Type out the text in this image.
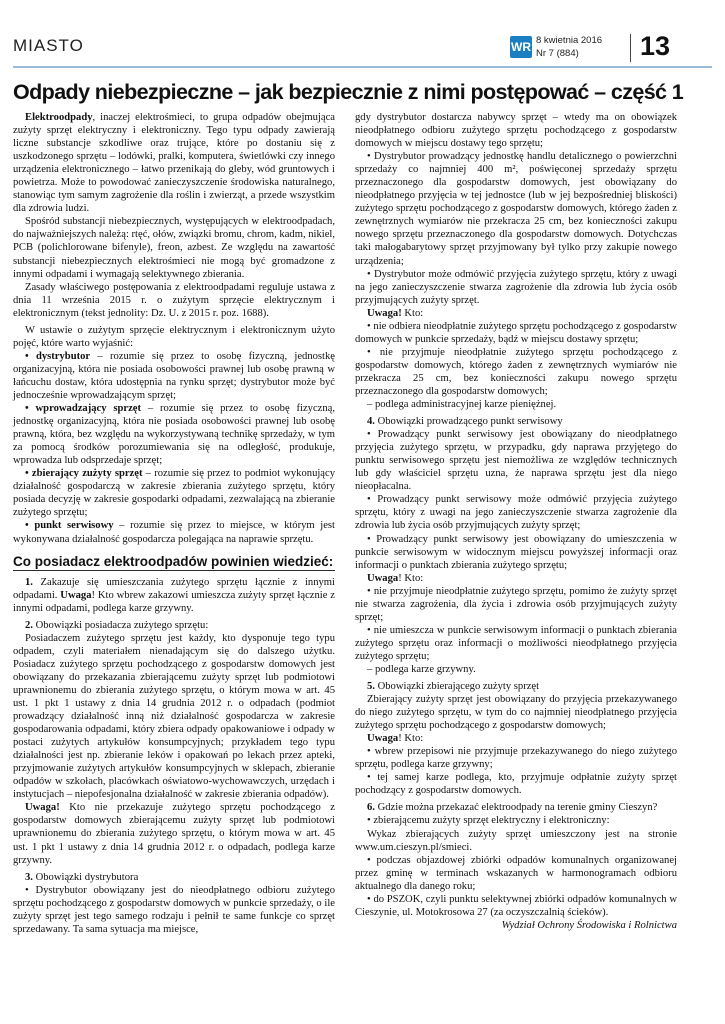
MIASTO	WR 8 kwietnia 2016
Nr 7 (884) 13
Odpady niebezpieczne – jak bezpiecznie z nimi postępować – część 1

Elektroodpady, inaczej elektrośmieci, to grupa odpadów obejmująca zużyty sprzęt elektryczny i elektroniczny. Tego typu odpady zawierają liczne substancje szkodliwe oraz trujące, które po dostaniu się z uszkodzonego sprzętu – lodówki, pralki, komputera, świetlówki czy innego urządzenia elektronicznego – łatwo przenikają do gleby, wód gruntowych i powietrza. Może to powodować zanieczyszczenie środowiska naturalnego, stanowiąc tym samym zagrożenie dla roślin i zwierząt, a przede wszystkim dla zdrowia ludzi.

Spośród substancji niebezpiecznych, występujących w elektroodpadach, do najważniejszych należą: rtęć, ołów, związki bromu, chrom, kadm, nikiel, PCB (polichlorowane bifenyle), freon, azbest. Ze względu na zawartość substancji niebezpiecznych elektrośmieci nie mogą być gromadzone z innymi odpadami i wymagają selektywnego zbierania.

Zasady właściwego postępowania z elektroodpadami reguluje ustawa z dnia 11 września 2015 r. o zużytym sprzęcie elektrycznym i elektronicznym (tekst jednolity: Dz. U. z 2015 r. poz. 1688).

W ustawie o zużytym sprzęcie elektrycznym i elektronicznym użyto pojęć, które warto wyjaśnić:

• dystrybutor – rozumie się przez to osobę fizyczną, jednostkę organizacyjną, która nie posiada osobowości prawnej lub osobę prawną w łańcuchu dostaw, która udostępnia na rynku sprzęt; dystrybutor może być jednocześnie wprowadzającym sprzęt;

• wprowadzający sprzęt – rozumie się przez to osobę fizyczną, jednostkę organizacyjną, która nie posiada osobowości prawnej lub osobę prawną, która, bez względu na wykorzystywaną technikę sprzedaży, w tym za pomocą środków porozumiewania się na odległość, produkuje, wprowadza lub odsprzedaje sprzęt;

• zbierający zużyty sprzęt – rozumie się przez to podmiot wykonujący działalność gospodarczą w zakresie zbierania zużytego sprzętu, który posiada decyzję w zakresie gospodarki odpadami, zezwalającą na zbieranie zużytego sprzętu;

• punkt serwisowy – rozumie się przez to miejsce, w którym jest wykonywana działalność gospodarcza polegająca na naprawie sprzętu.

Co posiadacz elektroodpadów powinien wiedzieć:

1. Zakazuje się umieszczania zużytego sprzętu łącznie z innymi odpadami. Uwaga! Kto wbrew zakazowi umieszcza zużyty sprzęt łącznie z innymi odpadami, podlega karze grzywny.

2. Obowiązki posiadacza zużytego sprzętu:

Posiadaczem zużytego sprzętu jest każdy, kto dysponuje tego typu odpadem, czyli materiałem nienadającym się do dalszego użytku. Posiadacz zużytego sprzętu pochodzącego z gospodarstw domowych jest obowiązany do przekazania zbierającemu zużyty sprzęt lub podmiotowi uprawnionemu do zbierania zużytego sprzętu, o którym mowa w art. 45 ust. 1 pkt 1 ustawy z dnia 14 grudnia 2012 r. o odpadach (podmiot prowadzący działalność inną niż działalność gospodarcza w zakresie gospodarowania odpadami, który zbiera odpady opakowaniowe i odpady w postaci zużytych artykułów konsumpcyjnych; przykładem tego typu działalności jest np. zbieranie leków i opakowań po lekach przez apteki, przyjmowanie zużytych artykułów konsumpcyjnych w sklepach, zbieranie odpadów w szkołach, placówkach oświatowo-wychowawczych, urzędach i instytucjach – niepofesjonalna działalność w zakresie zbierania odpadów).

Uwaga! Kto nie przekazuje zużytego sprzętu pochodzącego z gospodarstw domowych zbierającemu zużyty sprzęt lub podmiotowi uprawnionemu do zbierania zużytego sprzętu, o którym mowa w art. 45 ust. 1 pkt 1 ustawy z dnia 14 grudnia 2012 r. o odpadach, podlega karze grzywny.

3. Obowiązki dystrybutora

• Dystrybutor obowiązany jest do nieodpłatnego odbioru zużytego sprzętu pochodzącego z gospodarstw domowych w punkcie sprzedaży, o ile zużyty sprzęt jest tego samego rodzaju i pełnił te same funkcje co sprzęt sprzedawany. Ta sama sytuacja ma miejsce,

gdy dystrybutor dostarcza nabywcy sprzęt – wtedy ma on obowiązek nieodpłatnego odbioru zużytego sprzętu pochodzącego z gospodarstw domowych w miejscu dostawy tego sprzętu;

• Dystrybutor prowadzący jednostkę handlu detalicznego o powierzchni sprzedaży co najmniej 400 m², poświęconej sprzedaży sprzętu przeznaczonego dla gospodarstw domowych, jest obowiązany do nieodpłatnego przyjęcia w tej jednostce (lub w jej bezpośredniej bliskości) zużytego sprzętu pochodzącego z gospodarstw domowych, którego żaden z zewnętrznych wymiarów nie przekracza 25 cm, bez konieczności zakupu nowego sprzętu przeznaczonego dla gospodarstw domowych. Dotychczas taki małogabarytowy sprzęt przyjmowany był tylko przy zakupie nowego urządzenia;

• Dystrybutor może odmówić przyjęcia zużytego sprzętu, który z uwagi na jego zanieczyszczenie stwarza zagrożenie dla zdrowia lub życia osób przyjmujących zużyty sprzęt.

Uwaga! Kto:

• nie odbiera nieodpłatnie zużytego sprzętu pochodzącego z gospodarstw domowych w punkcie sprzedaży, bądź w miejscu dostawy sprzętu;

• nie przyjmuje nieodpłatnie zużytego sprzętu pochodzącego z gospodarstw domowych, którego żaden z zewnętrznych wymiarów nie przekracza 25 cm, bez konieczności zakupu nowego sprzętu przeznaczonego dla gospodarstw domowych;

– podlega administracyjnej karze pieniężnej.

4. Obowiązki prowadzącego punkt serwisowy

• Prowadzący punkt serwisowy jest obowiązany do nieodpłatnego przyjęcia zużytego sprzętu, w przypadku, gdy naprawa przyjętego do punktu serwisowego sprzętu jest niemożliwa ze względów technicznych lub gdy właściciel sprzętu uzna, że naprawa sprzętu jest dla niego nieopłacalna.

• Prowadzący punkt serwisowy może odmówić przyjęcia zużytego sprzętu, który z uwagi na jego zanieczyszczenie stwarza zagrożenie dla zdrowia lub życia osób przyjmujących zużyty sprzęt;

• Prowadzący punkt serwisowy jest obowiązany do umieszczenia w punkcie serwisowym w widocznym miejscu powyższej informacji oraz informacji o punktach zbierania zużytego sprzętu;

Uwaga! Kto:

• nie przyjmuje nieodpłatnie zużytego sprzętu, pomimo że zużyty sprzęt nie stwarza zagrożenia, dla życia i zdrowia osób przyjmujących zużyty sprzęt;

• nie umieszcza w punkcie serwisowym informacji o punktach zbierania zużytego sprzętu oraz informacji o możliwości nieodpłatnego przyjęcia zużytego sprzętu;

– podlega karze grzywny.

5. Obowiązki zbierającego zużyty sprzęt

Zbierający zużyty sprzęt jest obowiązany do przyjęcia przekazywanego do niego zużytego sprzętu, w tym do co najmniej nieodpłatnego przyjęcia zużytego sprzętu pochodzącego z gospodarstw domowych;

Uwaga! Kto:

• wbrew przepisowi nie przyjmuje przekazywanego do niego zużytego sprzętu, podlega karze grzywny;

• tej samej karze podlega, kto, przyjmuje odpłatnie zużyty sprzęt pochodzący z gospodarstw domowych.

6. Gdzie można przekazać elektroodpady na terenie gminy Cieszyn?

• zbierającemu zużyty sprzęt elektryczny i elektroniczny:

Wykaz zbierających zużyty sprzęt umieszczony jest na stronie www.um.cieszyn.pl/smieci.

• podczas objazdowej zbiórki odpadów komunalnych organizowanej przez gminę w terminach wskazanych w harmonogramach odbioru aktualnego dla danego roku;

• do PSZOK, czyli punktu selektywnej zbiórki odpadów komunalnych w Cieszynie, ul. Motokrosowa 27 (za oczyszczalnią ścieków).

Wydział Ochrony Środowiska i Rolnictwa
